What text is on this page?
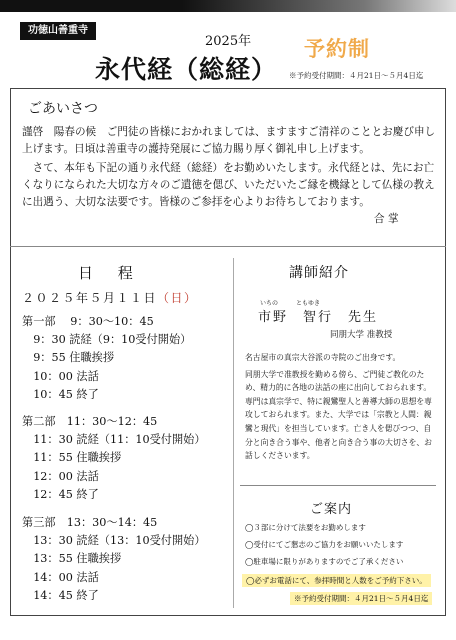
功徳山善重寺
2025年
永代経（総経）
予約制
※予約受付期間：４月21日～５月4日迄
ごあいさつ
謹啓　陽春の候　ご門徒の皆様におかれましては、ますますご清祥のこととお慶び申し上げます。日頃は善重寺の護持発展にご協力賜り厚く御礼申し上げます。
さて、本年も下記の通り永代経（総経）をお勤めいたします。永代経とは、先にお亡くなりになられた大切な方々のご遺徳を偲び、いただいたご縁を機縁として仏様の教えに出遇う、大切な法要です。皆様のご参拝を心よりお待ちしております。
合 掌
日 程
２０２５年５月１１日（日）
第一部　 9：30～10：45
　9：30 読経（9：10受付開始）
　9：55 住職挨拶
　10：00 法話
　10：45 終了
第二部　11：30～12：45
　11：30 読経（11：10受付開始）
　11：55 住職挨拶
　12：00 法話
　12：45 終了
第三部　13：30～14：45
　13：30 読経（13：10受付開始）
　13：55 住職挨拶
　14：00 法話
　14：45 終了
講師紹介
いちの	ともゆき
市野　智行　先生
同朋大学 准教授
名古屋市の真宗大谷派の寺院のご出身です。
同朋大学で准教授を勤める傍ら、ご門徒ご教化のため、精力的に各地の法話の座に出向しておられます。
専門は真宗学で、特に親鸞聖人と善導大師の思想を専攻しておられます。また、大学では「宗教と人間：親鸞と現代」を担当しています。亡き人を偲びつつ、自分と向き合う事や、他者と向き合う事の大切さを、お話しくださいます。
ご案内
◯３部に分けて法要をお勤めします
◯受付にてご懇志のご協力をお願いいたします
◯駐車場に限りがありますのでご了承ください
◯必ずお電話にて、参拝時間と人数をご予約下さい。
※予約受付期間：４月21日～５月4日迄
